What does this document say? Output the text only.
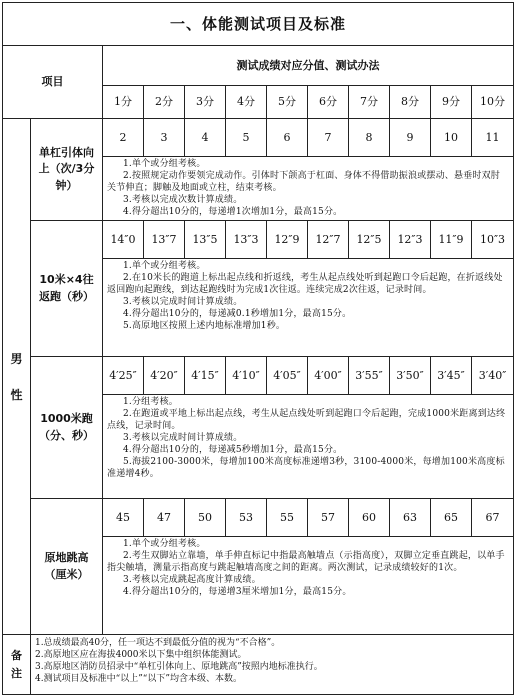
一、体能测试项目及标准											
项目		测试成绩对应分值、测试办法									
		1分	2分	3分	4分	5分	6分	7分	8分	9分	10分
男
性	单杠引体向
上（次/3分
钟）	2	3	4	5	6	7	8	9	10	11

		1.单个或分组考核。
2.按照规定动作要领完成动作。引体时下颌高于杠面、身体不得借助振浪或摆动、悬垂时双肘关节伸直；脚触及地面或立柱，结束考核。
3.考核以完成次数计算成绩。
4.得分超出10分的，每递增1次增加1分，最高15分。									

	10米×4往
返跑（秒）	14″0	13″7	13″5	13″3	12″9	12″7	12″5	12″3	11″9	10″3

		1.单个或分组考核。
2.在10米长的跑道上标出起点线和折返线，考生从起点线处听到起跑口令后起跑，在折返线处返回跑向起跑线，到达起跑线时为完成1次往返。连续完成2次往返，记录时间。
3.考核以完成时间计算成绩。
4.得分超出10分的，每递减0.1秒增加1分，最高15分。
5.高原地区按照上述内地标准增加1秒。									

	1000米跑
（分、秒）	4′25″	4′20″	4′15″	4′10″	4′05″	4′00″	3′55″	3′50″	3′45″	3′40″

		1.分组考核。
2.在跑道或平地上标出起点线，考生从起点线处听到起跑口令后起跑，完成1000米距离到达终点线，记录时间。
3.考核以完成时间计算成绩。
4.得分超出10分的，每递减5秒增加1分，最高15分。
5.海拔2100-3000米，每增加100米高度标准递增3秒，3100-4000米，每增加100米高度标准递增4秒。									

	原地跳高
（厘米）	45	47	50	53	55	57	60	63	65	67

		1.单个或分组考核。
2.考生双脚站立靠墙，单手伸直标记中指最高触墙点（示指高度），双脚立定垂直跳起，以单手指尖触墙，测量示指高度与跳起触墙高度之间的距离。两次测试，记录成绩较好的1次。
3.考核以完成跳起高度计算成绩。
4.得分超出10分的，每递增3厘米增加1分，最高15分。									

备
注	1.总成绩最高40分，任一项达不到最低分值的视为“不合格”。
2.高原地区应在海拔4000米以下集中组织体能测试。
3.高原地区消防员招录中“单杠引体向上、原地跳高”按照内地标准执行。
4.测试项目及标准中“以上”“以下”均含本级、本数。										
